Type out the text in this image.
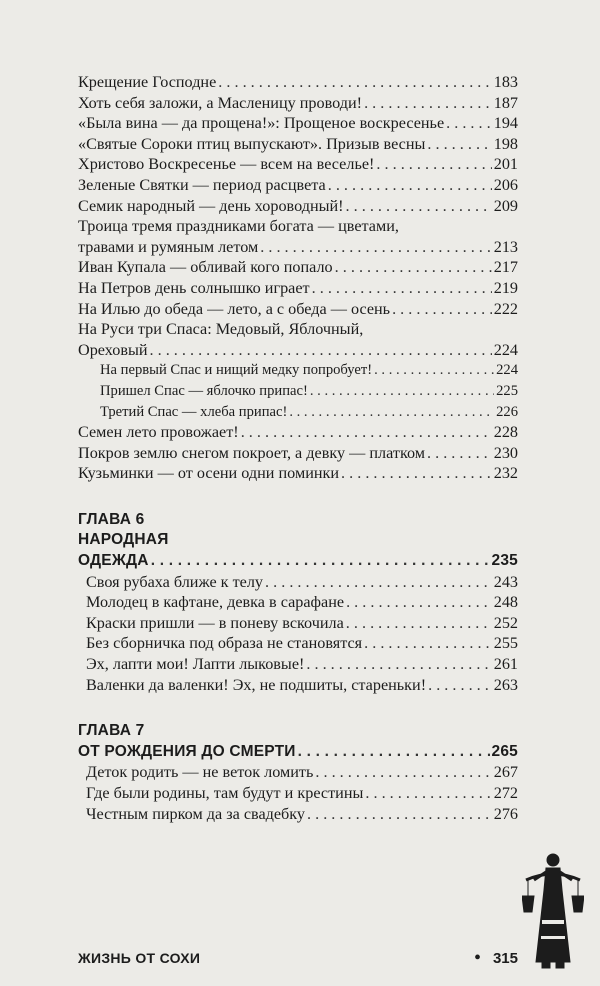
Крещение Господне . . .	183
Хоть себя заложи, а Масленицу проводи! . . .	187
«Была вина — да прощена!»: Прощеное воскресенье . . .	194
«Святые Сороки птиц выпускают». Призыв весны . . .	198
Христово Воскресенье — всем на веселье! . . .	201
Зеленые Святки — период расцвета . . .	206
Семик народный — день хороводный! . . .	209
Троица тремя праздниками богата — цветами,
травами и румяным летом . . .	213
Иван Купала — обливай кого попало . . .	217
На Петров день солнышко играет . . .	219
На Илью до обеда — лето, а с обеда — осень . . .	222
На Руси три Спаса: Медовый, Яблочный,
Ореховый . . .	224
На первый Спас и нищий медку попробует! . . .	224
Пришел Спас — яблочко припас! . . .	225
Третий Спас — хлеба припас! . . .	226
Семен лето провожает! . . .	228
Покров землю снегом покроет, а девку — платком . . .	230
Кузьминки — от осени одни поминки . . .	232
ГЛАВА 6
НАРОДНАЯ
ОДЕЖДА . . .	235
Своя рубаха ближе к телу . . .	243
Молодец в кафтане, девка в сарафане . . .	248
Краски пришли — в поневу вскочила . . .	252
Без сборничка под образа не становятся . . .	255
Эх, лапти мои! Лапти лыковые! . . .	261
Валенки да валенки! Эх, не подшиты, стареньки! . . .	263
ГЛАВА 7
ОТ РОЖДЕНИЯ ДО СМЕРТИ . . .	265
Деток родить — не веток ломить . . .	267
Где были родины, там будут и крестины . . .	272
Честным пирком да за свадебку . . .	276
ЖИЗНЬ ОТ СОХИ	• 315
